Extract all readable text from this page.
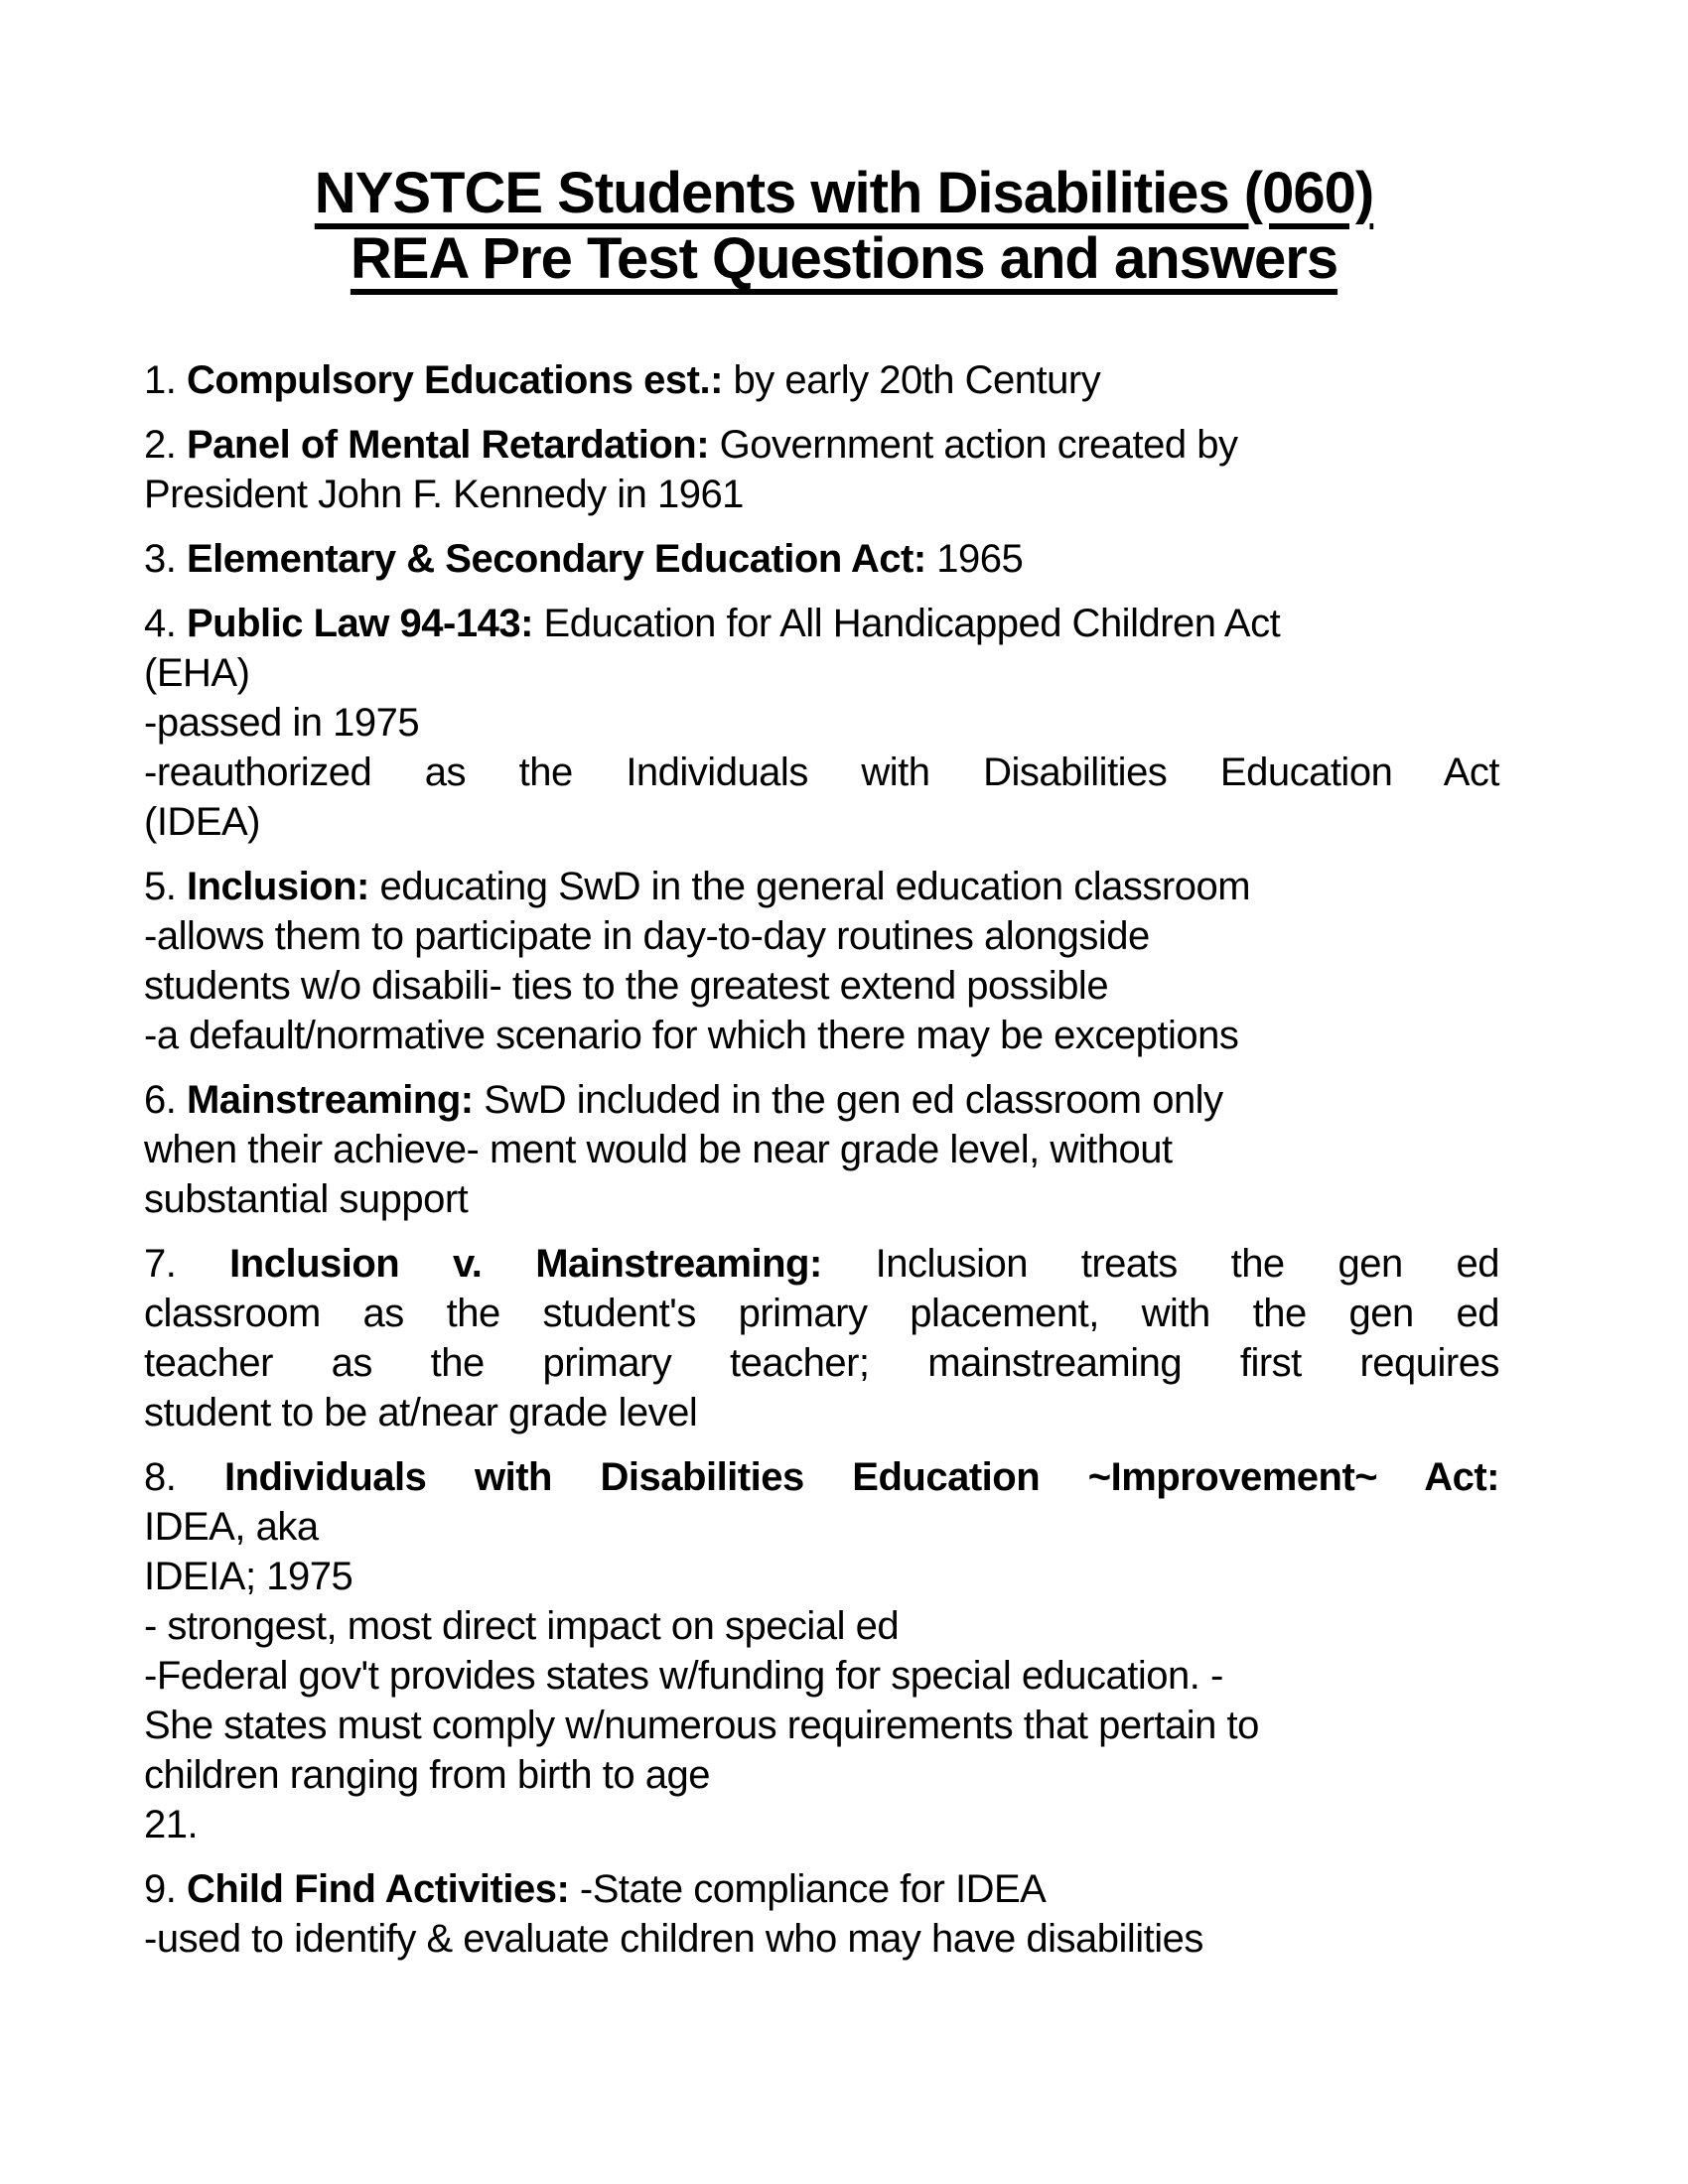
NYSTCE Students with Disabilities (060)
REA Pre Test Questions and answers
1. Compulsory Educations est.: by early 20th Century
2. Panel of Mental Retardation: Government action created by
President John F. Kennedy in 1961
3. Elementary & Secondary Education Act: 1965
4. Public Law 94-143: Education for All Handicapped Children Act
(EHA)
-passed in 1975
-reauthorized as the Individuals with Disabilities Education Act
(IDEA)
5. Inclusion: educating SwD in the general education classroom
-allows them to participate in day-to-day routines alongside
students w/o disabili- ties to the greatest extend possible
-a default/normative scenario for which there may be exceptions
6. Mainstreaming: SwD included in the gen ed classroom only
when their achieve- ment would be near grade level, without
substantial support
7. Inclusion v. Mainstreaming: Inclusion treats the gen ed
classroom as the student's primary placement, with the gen ed
teacher as the primary teacher; mainstreaming first requires
student to be at/near grade level
8. Individuals with Disabilities Education ~Improvement~ Act:
IDEA, aka
IDEIA; 1975
- strongest, most direct impact on special ed
-Federal gov't provides states w/funding for special education. -
She states must comply w/numerous requirements that pertain to
children ranging from birth to age
21.
9. Child Find Activities: -State compliance for IDEA
-used to identify & evaluate children who may have disabilities
